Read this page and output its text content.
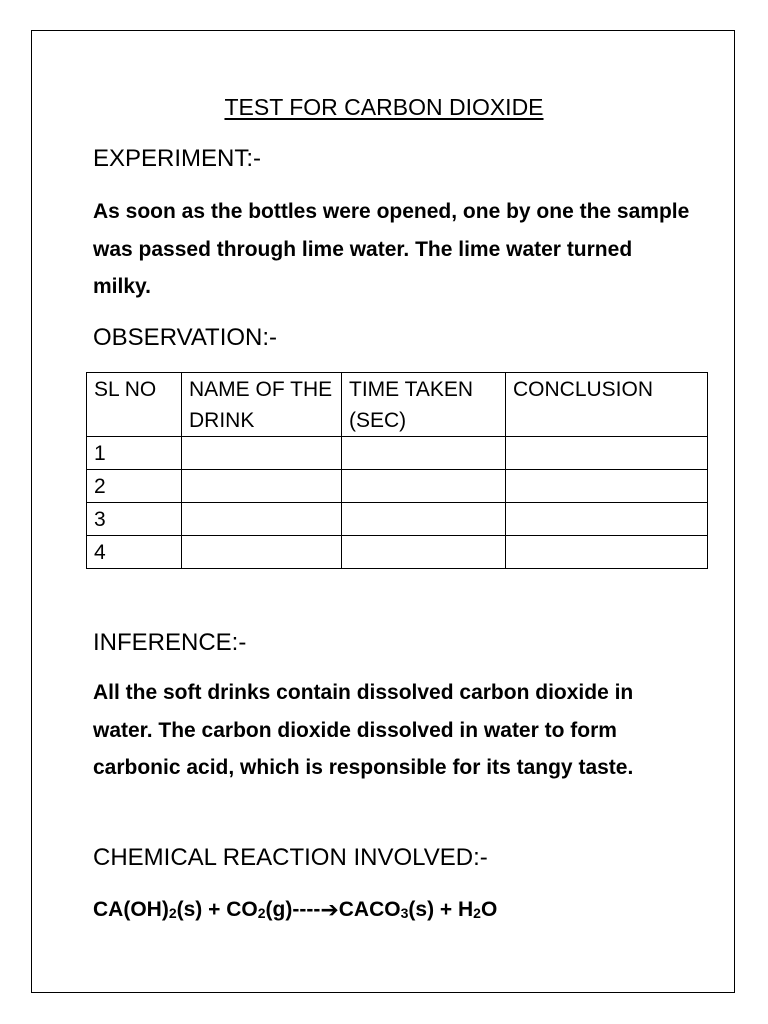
TEST FOR CARBON DIOXIDE
EXPERIMENT:-
As soon as the bottles were opened, one by one the sample was passed through lime water. The lime water turned milky.
OBSERVATION:-
SL NO	NAME OF THE DRINK	TIME TAKEN (SEC)	CONCLUSION
1			
2			
3			
4			
INFERENCE:-
All the soft drinks contain dissolved carbon dioxide in water. The carbon dioxide dissolved in water to form carbonic acid, which is responsible for its tangy taste.
CHEMICAL REACTION INVOLVED:-
$CA(OH)_2(s)$ + $CO_2(g)----➔CACO_3(s) + H_2O$
